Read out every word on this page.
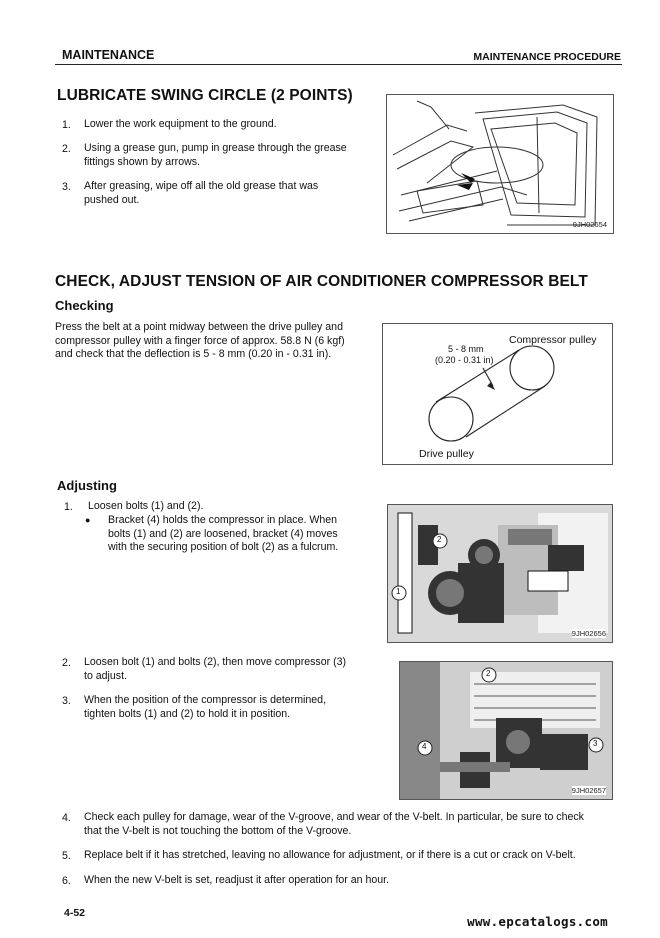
MAINTENANCE	MAINTENANCE PROCEDURE
LUBRICATE SWING CIRCLE (2 POINTS)
1. Lower the work equipment to the ground.
2. Using a grease gun, pump in grease through the grease
fittings shown by arrows.
3. After greasing, wipe off all the old grease that was
pushed out.
9JH02654
CHECK, ADJUST TENSION OF AIR CONDITIONER COMPRESSOR BELT
Checking
Press the belt at a point midway between the drive pulley and
compressor pulley with a finger force of approx. 58.8 N (6 kgf)
and check that the deflection is 5 - 8 mm (0.20 in - 0.31 in).
Compressor pulley
5 - 8 mm
(0.20 - 0.31 in)
Drive pulley
Adjusting
1. Loosen bolts (1) and (2).
● Bracket (4) holds the compressor in place. When
bolts (1) and (2) are loosened, bracket (4) moves
with the securing position of bolt (2) as a fulcrum.
1
2
9JH02656
2. Loosen bolt (1) and bolts (2), then move compressor (3)
to adjust.
3. When the position of the compressor is determined,
tighten bolts (1) and (2) to hold it in position.
2
4	3
9JH02657
4. Check each pulley for damage, wear of the V-groove, and wear of the V-belt. In particular, be sure to check
that the V-belt is not touching the bottom of the V-groove.
5. Replace belt if it has stretched, leaving no allowance for adjustment, or if there is a cut or crack on V-belt.
6. When the new V-belt is set, readjust it after operation for an hour.
4-52
www.epcatalogs.com
